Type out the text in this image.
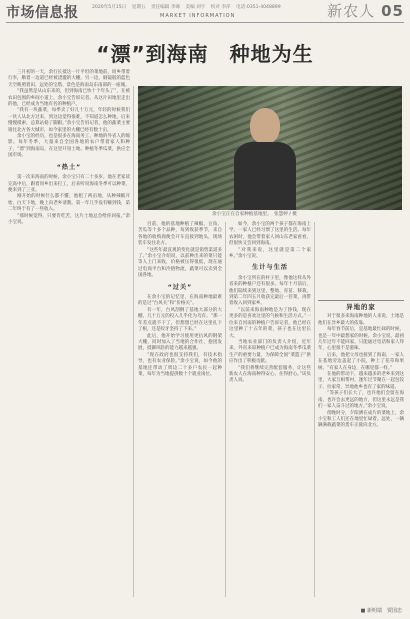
市场信息报	2020年5月15日 星期五 责任编辑 李骞 美编 刘宇 校对 李萍 电话:0351-4048899
MARKET INFORMATION	新农人 05
“漂”到海南　种地为生
余小宝正在自家种植基地里。　张慧婷 / 摄

三月初的一天，余行长抵达一片平坦的菜地前，同乡带着行李，顺着一边道已经被浇灌的大棚，另一边，铜镜般的蓝色天空映照着田，远处的宝塔、景色是海南岛东南部的一座城。

“我虽然是从山东来的，但到海南已快十个年头了”，在被农田包围的乡间小道上，余小宝告诉记者。从这片田地里走出的他，已经成为当地有名的种植户。

“我有一块蔬菜，每季卖了好几十万元，年轻的时候我们一伙人从北方过来，到这边觉得很难，不知道怎么种地，后来慢慢摸索，总算站稳了脚跟。”余小宝告诉记者，他的蔬菜主要销往北方各大城市，如今家里的大棚已经有数十亩。

余小宝的经历，也是很多在海南务工、种地的外省人的缩影。每年冬季，大量来自全国各地的农户带着家人和种子，“漂”到海南岛，在这里开垦土地、种植冬季瓜菜，供应全国市场。

“热土”

第一次来海南的时候，余小宝只有二十多岁。他在老家读完高中后，跟着同乡出来打工，后来听说海南冬季可以种菜，便来到了三亚。

刚开始的时候什么都不懂，他租了两亩地，从种辣椒开始，白天下地，晚上向老乡请教。第一年几乎没有赚到钱，第二年终于有了一些收入。

“那时候觉得，只要肯吃苦，这片土地总会给你回报。”余小宝说。	目前，他的基地种植了辣椒、豆角、苦瓜等十多个品种，每到收获季节，来自各地的收购商便会开车直接到地头，现场装车发往北方。

“这些年最直观的变化就是销售渠道多了。”余小宝介绍说，以前种出来的菜只能等人上门来收，价格被压得很低，现在通过电商平台和冷链物流，蔬菜可以卖到全国各地。

“过关”

在余小宝的记忆里，在海南种地最难的是过“台风关”和“价格关”。

有一年，台风刮倒了基地大部分的大棚，几十万元的投入几乎化为乌有。“那一年差点就不干了，但想想已经在这里扎下了根，还是咬牙坚持了下来。”

此后，他开始学习使用更抗风的钢架大棚，同时加入了当地的合作社，抱团发展，抵御风险的能力越来越强。

“现在政府也很支持我们，有技术指导，也有农业保险。”余小宝说，如今他的基地还带动了周边二十多户农民一起种菜，每年为当地提供数十个就业岗位。

如今，余小宝的两个孩子都在海南上学，一家人已经习惯了这里的生活。每年农闲时，他会带着家人回山东老家看看，但很快又会回到海南。

“对我来说，这里就是第二个家乡。”余小宝说。

生计与生活

余小宝所在的村子里，像他这样从外省来的种植户还有很多。每年十月前后，他们陆续来到这里，整地、育苗、移栽，到第二年四五月收获完最后一茬菜，再带着收入回到家乡。

“以前来海南种地是为了挣钱，现在更多的是喜欢这里的气候和生活方式。”一位来自河南的种植户告诉记者，他已经在这里种了十五年的菜，孩子也在这里长大。

当地农业部门的负责人介绍，近年来，外省来琼种植户已成为海南冬季瓜菜生产的重要力量，为保障全国“菜篮子”供应作出了积极贡献。

“我们将继续完善配套服务，让这些新农人在海南种得安心、住得舒心。”该负责人说。

异地的家

对于很多来海南种地的人来说，土地是他们在异乡最大的依靠。

每年春节前后，是基地最忙碌的时候，也是一年中最想家的时候。余小宝说，最初几年过年不能回家，只能通过电话和家人拜年，心里很不是滋味。

后来，他把父母也接到了海南，一家人在基地旁边盖起了小院，种上了花草和果树。“有家人在身边，在哪里都一样。”

在他的带动下，越来越多的老乡来到这里，大家互相帮衬，逢年过节聚在一起包饺子、拉家常，异地他乡也有了家的味道。

“等孩子们长大了，也许他们会留在海南，也许会去更远的地方，但这里永远是我们一家人奋斗过的地方。”余小宝说。

傍晚时分，夕阳洒在成片的菜地上，余小宝和工人们还在地里忙碌着。远处，一辆辆满载蔬菜的货车正驶向北方。

■ 新明瑞　贾国忠
